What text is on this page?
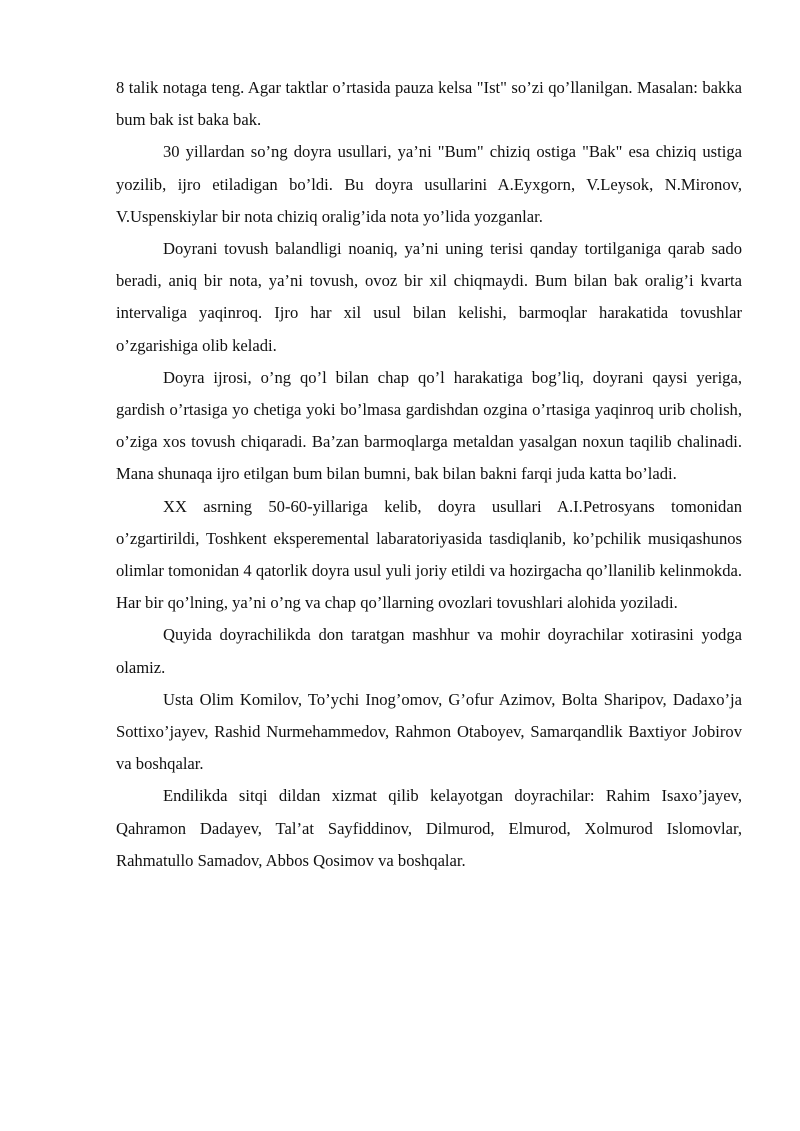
8 talik notaga teng. Agar taktlar o’rtasida pauza kelsa "Ist" so’zi qo’llanilgan. Masalan: bakka bum bak ist baka bak.

30 yillardan so’ng doyra usullari, ya’ni "Bum" chiziq ostiga "Bak" esa chiziq ustiga yozilib, ijro etiladigan bo’ldi. Bu doyra usullarini A.Eyxgorn, V.Leysok, N.Mironov, V.Uspenskiylar bir nota chiziq oralig’ida nota yo’lida yozganlar.

Doyrani tovush balandligi noaniq, ya’ni uning terisi qanday tortilganiga qarab sado beradi, aniq bir nota, ya’ni tovush, ovoz bir xil chiqmaydi. Bum bilan bak oralig’i kvarta intervaliga yaqinroq. Ijro har xil usul bilan kelishi, barmoqlar harakatida tovushlar o’zgarishiga olib keladi.

Doyra ijrosi, o’ng qo’l bilan chap qo’l harakatiga bog’liq, doyrani qaysi yeriga, gardish o’rtasiga yo chetiga yoki bo’lmasa gardishdan ozgina o’rtasiga yaqinroq urib cholish, o’ziga xos tovush chiqaradi. Ba’zan barmoqlarga metaldan yasalgan noxun taqilib chalinadi. Mana shunaqa ijro etilgan bum bilan bumni, bak bilan bakni farqi juda katta bo’ladi.

XX asrning 50-60-yillariga kelib, doyra usullari A.I.Petrosyans tomonidan o’zgartirildi, Toshkent eksperemental labaratoriyasida tasdiqlanib, ko’pchilik musiqashunos olimlar tomonidan 4 qatorlik doyra usul yuli joriy etildi va hozirgacha qo’llanilib kelinmokda. Har bir qo’lning, ya’ni o’ng va chap qo’llarning ovozlari tovushlari alohida yoziladi.

Quyida doyrachilikda don taratgan mashhur va mohir doyrachilar xotirasini yodga olamiz.

Usta Olim Komilov, To’ychi Inog’omov, G’ofur Azimov, Bolta Sharipov, Dadaxo’ja Sottixo’jayev, Rashid Nurmehammedov, Rahmon Otaboyev, Samarqandlik Baxtiyor Jobirov va boshqalar.

Endilikda sitqi dildan xizmat qilib kelayotgan doyrachilar: Rahim Isaxo’jayev, Qahramon Dadayev, Tal’at Sayfiddinov, Dilmurod, Elmurod, Xolmurod Islomovlar, Rahmatullo Samadov, Abbos Qosimov va boshqalar.
